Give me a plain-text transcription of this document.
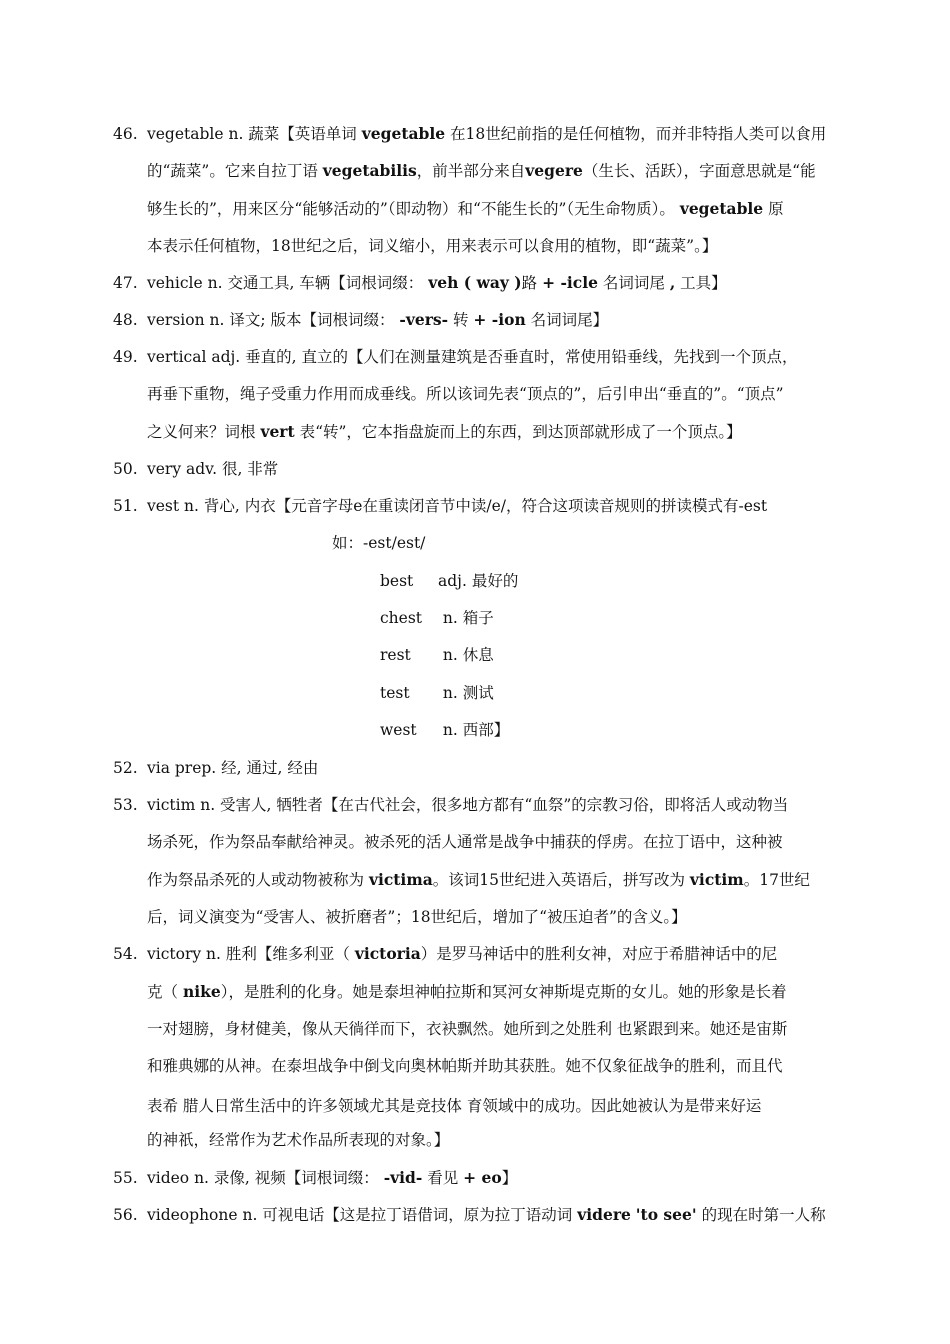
46. vegetable n. 蔬菜【英语单词 vegetable 在18世纪前指的是任何植物，而并非特指人类可以食用
的“蔬菜”。它来自拉丁语 vegetabilis，前半部分来自vegere（生长、活跃），字面意思就是“能
够生长的”，用来区分“能够活动的”（即动物）和“不能生长的”（无生命物质）。 vegetable 原
本表示任何植物，18世纪之后，词义缩小，用来表示可以食用的植物，即“蔬菜”。】
47. vehicle n. 交通工具, 车辆【词根词缀： veh ( way )路 + -icle 名词词尾 , 工具】
48. version n. 译文; 版本【词根词缀： -vers- 转 + -ion 名词词尾】
49. vertical adj. 垂直的, 直立的【人们在测量建筑是否垂直时，常使用铅垂线，先找到一个顶点，
再垂下重物，绳子受重力作用而成垂线。所以该词先表“顶点的”，后引申出“垂直的”。“顶点”
之义何来？词根 vert 表“转”，它本指盘旋而上的东西，到达顶部就形成了一个顶点。】
50. very adv. 很, 非常
51. vest n. 背心, 内衣【元音字母e在重读闭音节中读/e/，符合这项读音规则的拼读模式有-est
如：-est/est/
best adj. 最好的
chest n. 箱子
rest n. 休息
test n. 测试
west n. 西部】
52. via prep. 经, 通过, 经由
53. victim n. 受害人, 牺牲者【在古代社会，很多地方都有“血祭”的宗教习俗，即将活人或动物当
场杀死，作为祭品奉献给神灵。被杀死的活人通常是战争中捕获的俘虏。在拉丁语中，这种被
作为祭品杀死的人或动物被称为 victima。该词15世纪进入英语后，拼写改为 victim。17世纪
后，词义演变为“受害人、被折磨者”；18世纪后，增加了“被压迫者”的含义。】
54. victory n. 胜利【维多利亚（ victoria）是罗马神话中的胜利女神，对应于希腊神话中的尼
克（ nike），是胜利的化身。她是泰坦神帕拉斯和冥河女神斯堤克斯的女儿。她的形象是长着
一对翅膀，身材健美，像从天徜徉而下，衣袂飘然。她所到之处胜利 也紧跟到来。她还是宙斯
和雅典娜的从神。在泰坦战争中倒戈向奥林帕斯并助其获胜。她不仅象征战争的胜利，而且代
表希 腊人日常生活中的许多领域尤其是竞技体 育领域中的成功。因此她被认为是带来好运
的神祇，经常作为艺术作品所表现的对象。】
55. video n. 录像, 视频【词根词缀： -vid- 看见 + eo】
56. videophone n. 可视电话【这是拉丁语借词，原为拉丁语动词 videre 'to see' 的现在时第一人称
